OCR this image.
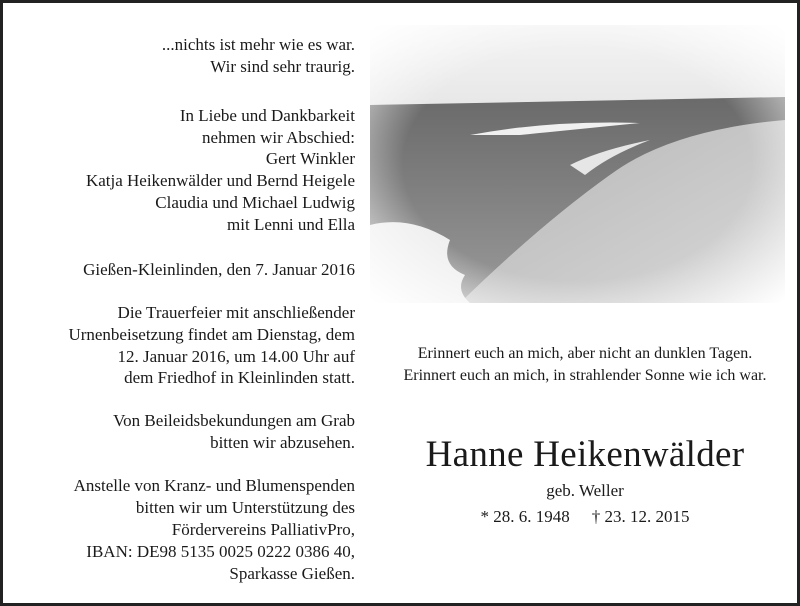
...nichts ist mehr wie es war.
Wir sind sehr traurig.
In Liebe und Dankbarkeit
nehmen wir Abschied:
Gert Winkler
Katja Heikenwälder und Bernd Heigele
Claudia und Michael Ludwig
mit Lenni und Ella
Gießen-Kleinlinden, den 7. Januar 2016
Die Trauerfeier mit anschließender
Urnenbeisetzung findet am Dienstag, dem
12. Januar 2016, um 14.00 Uhr auf
dem Friedhof in Kleinlinden statt.
Von Beileidsbekundungen am Grab
bitten wir abzusehen.
Anstelle von Kranz- und Blumenspenden
bitten wir um Unterstützung des
Fördervereins PalliativPro,
IBAN: DE98 5135 0025 0222 0386 40,
Sparkasse Gießen.
Erinnert euch an mich, aber nicht an dunklen Tagen.
Erinnert euch an mich, in strahlender Sonne wie ich war.
Hanne Heikenwälder
geb. Weller
* 28. 6. 1948 † 23. 12. 2015
